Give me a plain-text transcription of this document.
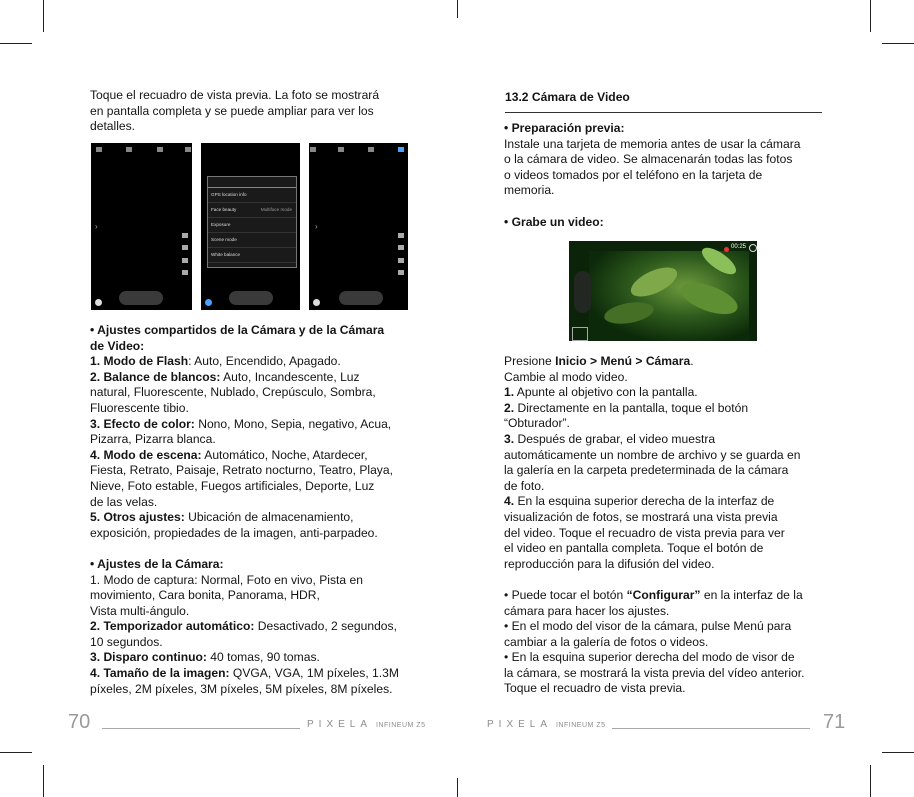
Toque el recuadro de vista previa. La foto se mostrará

en pantalla completa y se puede ampliar para ver los

detalles.

›
GPS location info
Face beauty	Multiface mode
Exposure
Scene mode
White balance
›

• Ajustes compartidos de la Cámara y de la Cámara

de Video:

1. Modo de Flash: Auto, Encendido, Apagado.

2. Balance de blancos: Auto, Incandescente, Luz

natural, Fluorescente, Nublado, Crepúsculo, Sombra,

Fluorescente tibio.

3. Efecto de color: Nono, Mono, Sepia, negativo, Acua,

Pizarra, Pizarra blanca.

4. Modo de escena: Automático, Noche, Atardecer,

Fiesta, Retrato, Paisaje, Retrato nocturno, Teatro, Playa,

Nieve, Foto estable, Fuegos artificiales, Deporte, Luz

de las velas.

5. Otros ajustes: Ubicación de almacenamiento,

exposición, propiedades de la imagen, anti-parpadeo.

• Ajustes de la Cámara:

1. Modo de captura: Normal, Foto en vivo, Pista en

movimiento, Cara bonita, Panorama, HDR,

Vista multi-ángulo.

2. Temporizador automático: Desactivado, 2 segundos,

10 segundos.

3. Disparo continuo: 40 tomas, 90 tomas.

4. Tamaño de la imagen: QVGA, VGA, 1M píxeles, 1.3M

píxeles, 2M píxeles, 3M píxeles, 5M píxeles, 8M píxeles.

70	PIXELA INFINEUM Z5

13.2 Cámara de Video

• Preparación previa:

Instale una tarjeta de memoria antes de usar la cámara

o la cámara de video. Se almacenarán todas las fotos

o videos tomados por el teléfono en la tarjeta de

memoria.

• Grabe un video:

00:25

Presione Inicio > Menú > Cámara.

Cambie al modo video.

1. Apunte al objetivo con la pantalla.

2. Directamente en la pantalla, toque el botón

“Obturador”.

3. Después de grabar, el video muestra

automáticamente un nombre de archivo y se guarda en

la galería en la carpeta predeterminada de la cámara

de foto.

4. En la esquina superior derecha de la interfaz de

visualización de fotos, se mostrará una vista previa

del video. Toque el recuadro de vista previa para ver

el video en pantalla completa. Toque el botón de

reproducción para la difusión del video.

• Puede tocar el botón “Configurar” en la interfaz de la

cámara para hacer los ajustes.

• En el modo del visor de la cámara, pulse Menú para

cambiar a la galería de fotos o videos.

• En la esquina superior derecha del modo de visor de

la cámara, se mostrará la vista previa del vídeo anterior.

Toque el recuadro de vista previa.

PIXELA INFINEUM Z5	71
